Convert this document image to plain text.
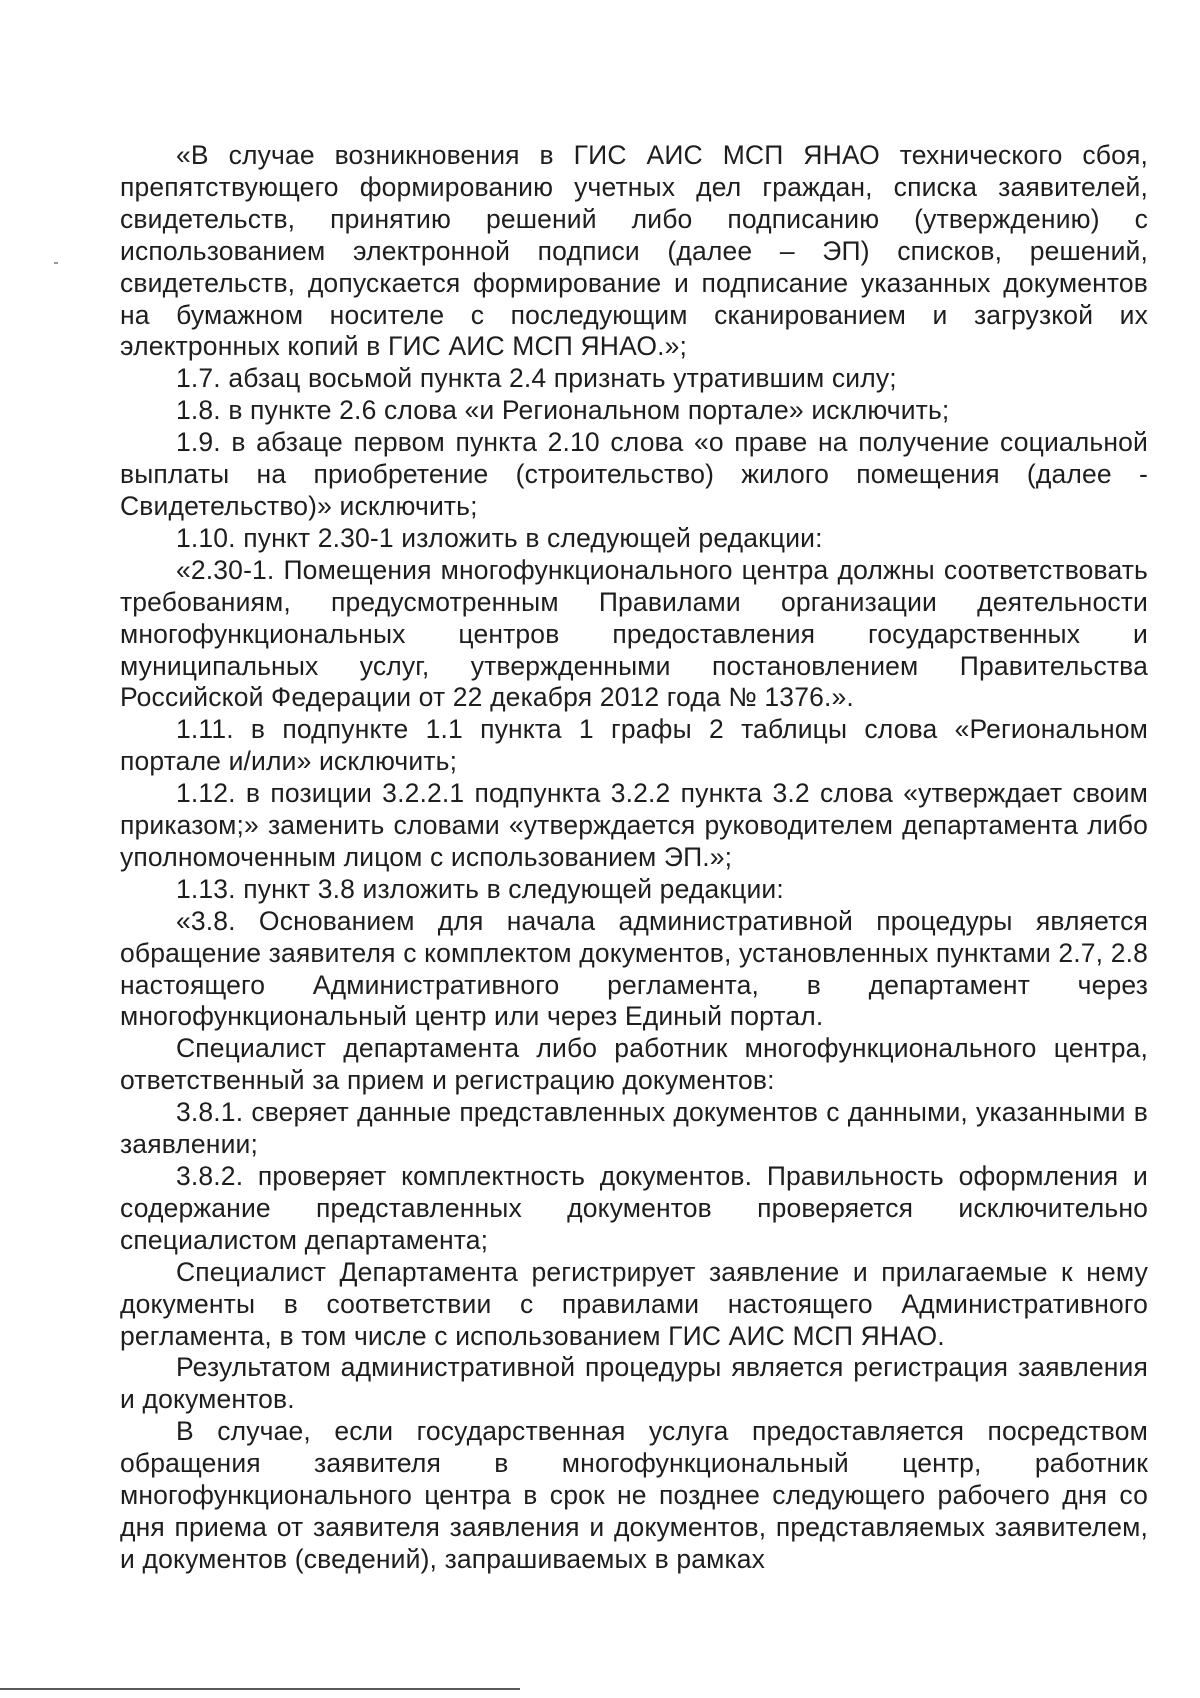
«В случае возникновения в ГИС АИС МСП ЯНАО технического сбоя, препятствующего формированию учетных дел граждан, списка заявителей, свидетельств, принятию решений либо подписанию (утверждению) с использованием электронной подписи (далее – ЭП) списков, решений, свидетельств, допускается формирование и подписание указанных документов на бумажном носителе с последующим сканированием и загрузкой их электронных копий в ГИС АИС МСП ЯНАО.»;

1.7. абзац восьмой пункта 2.4 признать утратившим силу;

1.8. в пункте 2.6 слова «и Региональном портале» исключить;

1.9. в абзаце первом пункта 2.10 слова «о праве на получение социальной выплаты на приобретение (строительство) жилого помещения (далее - Свидетельство)» исключить;

1.10. пункт 2.30-1 изложить в следующей редакции:

«2.30-1. Помещения многофункционального центра должны соответствовать требованиям, предусмотренным Правилами организации деятельности многофункциональных центров предоставления государственных и муниципальных услуг, утвержденными постановлением Правительства Российской Федерации от 22 декабря 2012 года № 1376.».

1.11. в подпункте 1.1 пункта 1 графы 2 таблицы слова «Региональном портале и/или» исключить;

1.12. в позиции 3.2.2.1 подпункта 3.2.2 пункта 3.2 слова «утверждает своим приказом;» заменить словами «утверждается руководителем департамента либо уполномоченным лицом с использованием ЭП.»;

1.13. пункт 3.8 изложить в следующей редакции:

«3.8. Основанием для начала административной процедуры является обращение заявителя с комплектом документов, установленных пунктами 2.7, 2.8 настоящего Административного регламента, в департамент через многофункциональный центр или через Единый портал.

Специалист департамента либо работник многофункционального центра, ответственный за прием и регистрацию документов:

3.8.1. сверяет данные представленных документов с данными, указанными в заявлении;

3.8.2. проверяет комплектность документов. Правильность оформления и содержание представленных документов проверяется исключительно специалистом департамента;

Специалист Департамента регистрирует заявление и прилагаемые к нему документы в соответствии с правилами настоящего Административного регламента, в том числе с использованием ГИС АИС МСП ЯНАО.

Результатом административной процедуры является регистрация заявления и документов.

В случае, если государственная услуга предоставляется посредством обращения заявителя в многофункциональный центр, работник многофункционального центра в срок не позднее следующего рабочего дня со дня приема от заявителя заявления и документов, представляемых заявителем, и документов (сведений), запрашиваемых в рамках
